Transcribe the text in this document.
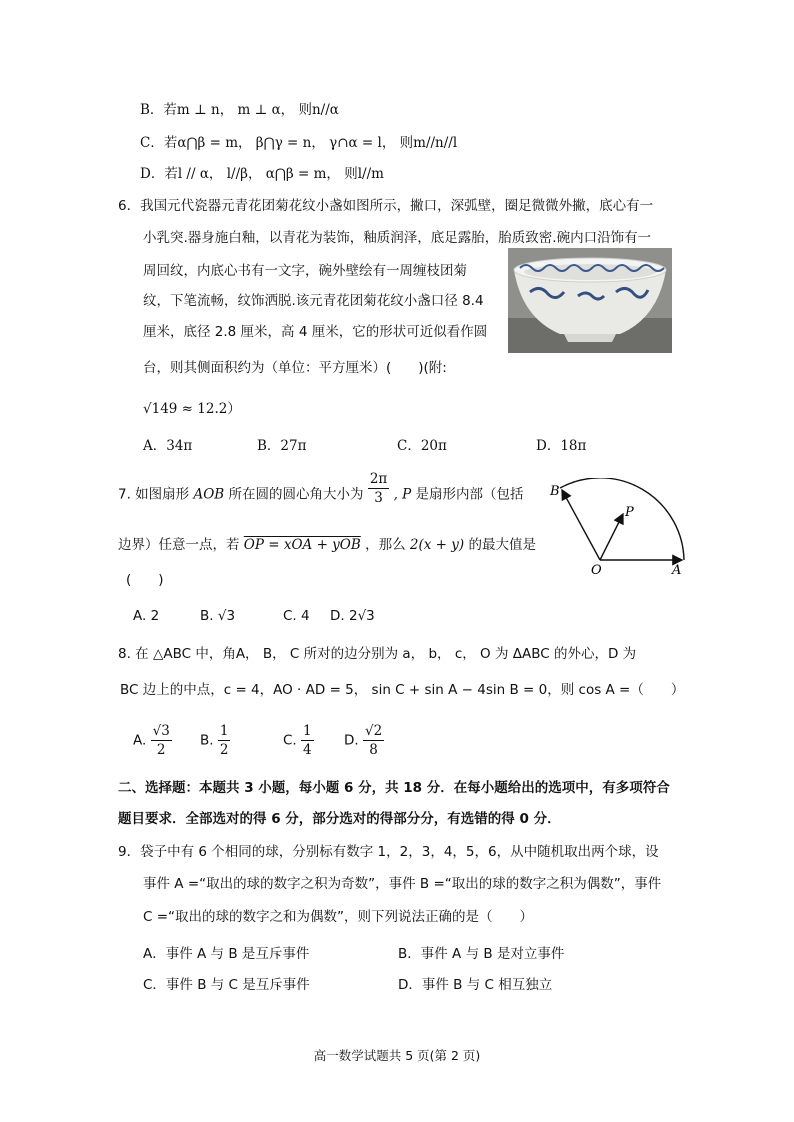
B．若m ⊥ n， m ⊥ α， 则n//α
C．若α⋂β = m， β⋂γ = n， γ∩α = l， 则m//n//l
D．若l // α， l//β， α⋂β = m， 则l//m
6．我国元代瓷器元青花团菊花纹小盏如图所示，撇口，深弧壁，圈足微微外撇，底心有一
小乳突.器身施白釉，以青花为装饰，釉质润泽，底足露胎，胎质致密.碗内口沿饰有一
周回纹，内底心书有一文字，碗外壁绘有一周缠枝团菊
纹，下笔流畅，纹饰洒脱.该元青花团菊花纹小盏口径 8.4
厘米，底径 2.8 厘米，高 4 厘米，它的形状可近似看作圆
台，则其侧面积约为（单位：平方厘米）(　　)(附:
√149 ≈ 12.2）
A．34π	B．27π	C．20π	D．18π
7. 如图扇形 AOB 所在圆的圆心角大小为 $\frac{2\pi}{3}$ , P 是扇形内部（包括
边界）任意一点，若 OP = xOA + yOB ，那么 2(x + y) 的最大值是
(　　)
B
P
O	A
A. 2	B. √3	C. 4 D. 2√3
8. 在 △ABC 中，角A， B， C 所对的边分别为 a， b， c， O 为 ΔABC 的外心，D 为
BC 边上的中点，c = 4，AO · AD = 5， sin C + sin A − 4sin B = 0，则 cos A =（　　）
A. $\frac{√3}{2} B$. $\frac{1}{2}$	C. $\frac{1}{4} D$. $\frac{√2}{8}$
二、选择题：本题共 3 小题，每小题 6 分，共 18 分．在每小题给出的选项中，有多项符合
题目要求．全部选对的得 6 分，部分选对的得部分分，有选错的得 0 分．
9．袋子中有 6 个相同的球，分别标有数字 1，2，3，4，5，6，从中随机取出两个球，设
事件 A =“取出的球的数字之积为奇数”，事件 B =“取出的球的数字之积为偶数”，事件
C =“取出的球的数字之和为偶数”，则下列说法正确的是（　　）
A．事件 A 与 B 是互斥事件	B．事件 A 与 B 是对立事件
C．事件 B 与 C 是互斥事件	D．事件 B 与 C 相互独立
高一数学试题共 5 页(第 2 页)
